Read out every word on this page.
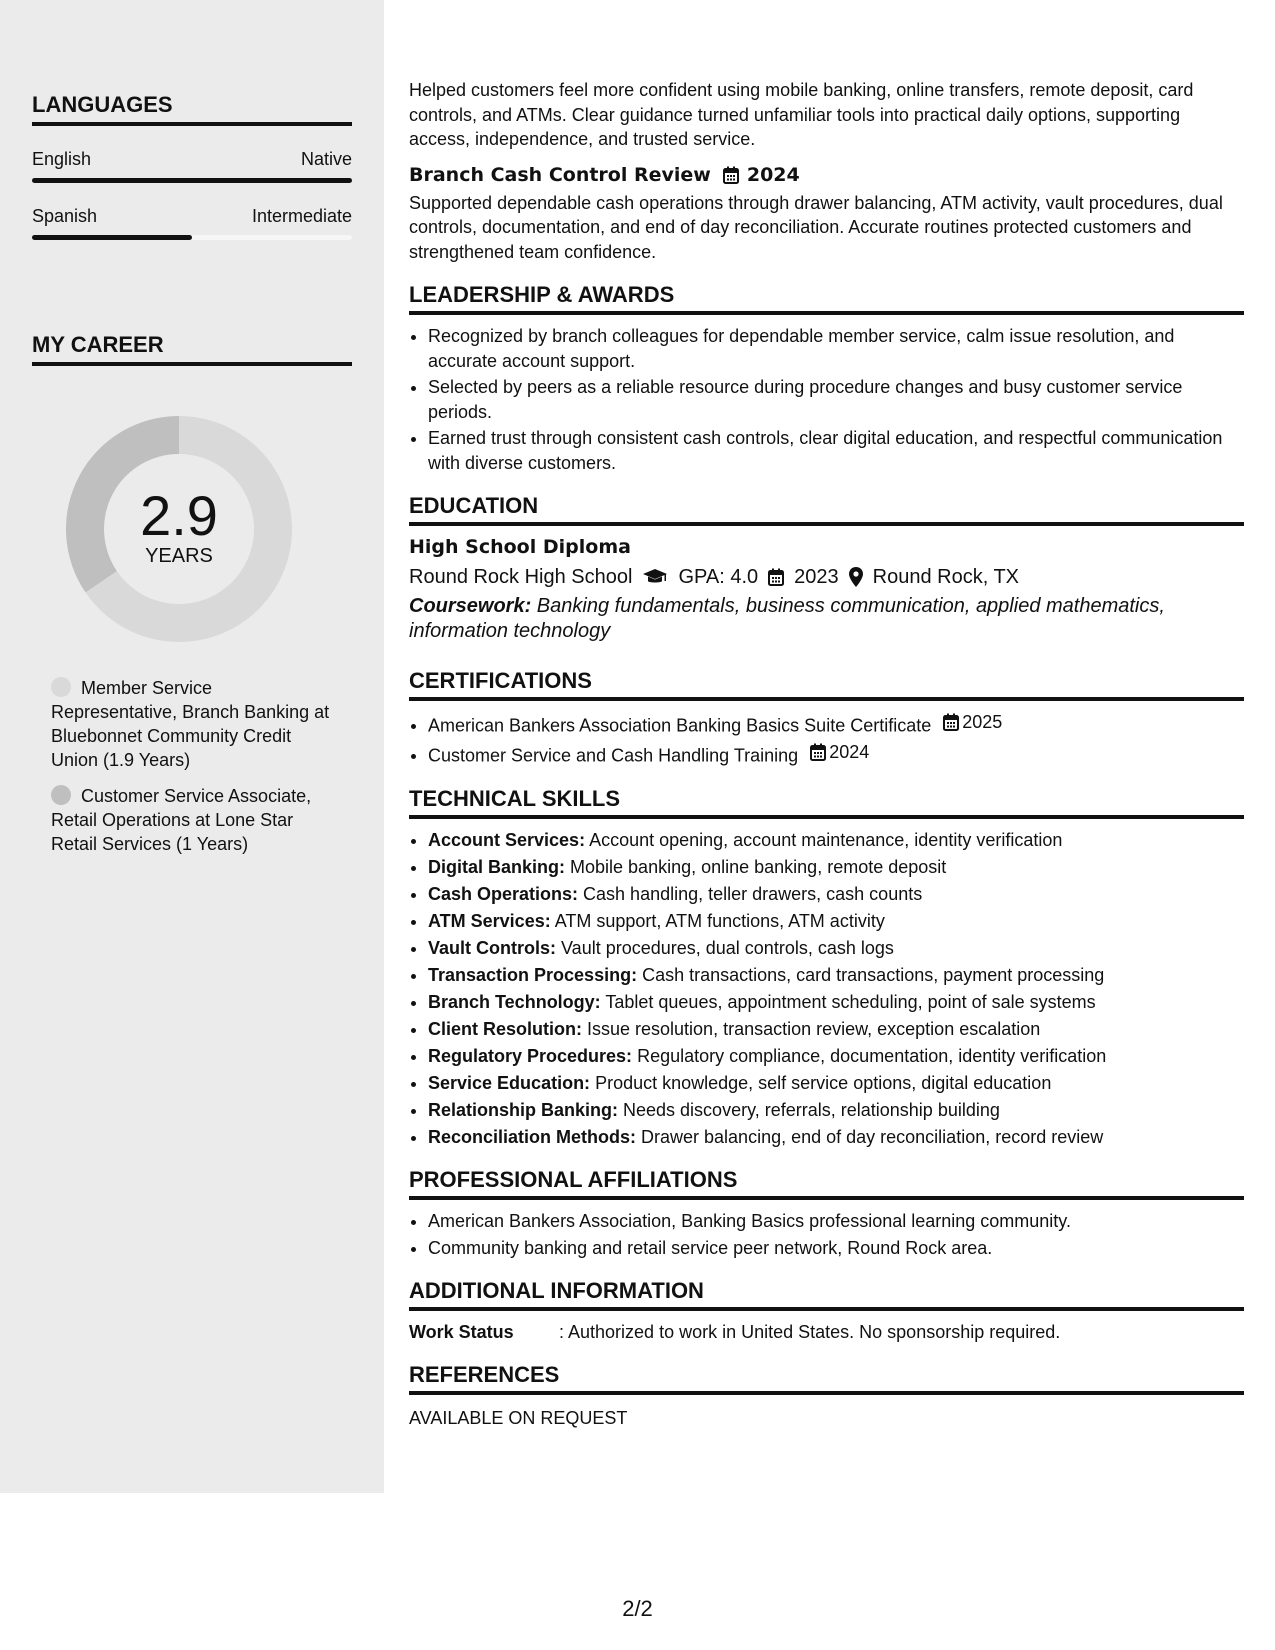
LANGUAGES
English	Native
Spanish	Intermediate
MY CAREER
2.9
YEARS
Member Service Representative, Branch Banking at Bluebonnet Community Credit Union (1.9 Years)
Customer Service Associate, Retail Operations at Lone Star Retail Services (1 Years)

Helped customers feel more confident using mobile banking, online transfers, remote deposit, card controls, and ATMs. Clear guidance turned unfamiliar tools into practical daily options, supporting access, independence, and trusted service.

Branch Cash Control Review 2024

Supported dependable cash operations through drawer balancing, ATM activity, vault procedures, dual controls, documentation, and end of day reconciliation. Accurate routines protected customers and strengthened team confidence.

LEADERSHIP & AWARDS
• Recognized by branch colleagues for dependable member service, calm issue resolution, and accurate account support.
• Selected by peers as a reliable resource during procedure changes and busy customer service periods.
• Earned trust through consistent cash controls, clear digital education, and respectful communication with diverse customers.
EDUCATION
High School Diploma
Round Rock High School GPA: 4.0 2023 Round Rock, TX
Coursework: Banking fundamentals, business communication, applied mathematics, information technology
CERTIFICATIONS
• American Bankers Association Banking Basics Suite Certificate 2025
• Customer Service and Cash Handling Training 2024
TECHNICAL SKILLS
• Account Services: Account opening, account maintenance, identity verification
• Digital Banking: Mobile banking, online banking, remote deposit
• Cash Operations: Cash handling, teller drawers, cash counts
• ATM Services: ATM support, ATM functions, ATM activity
• Vault Controls: Vault procedures, dual controls, cash logs
• Transaction Processing: Cash transactions, card transactions, payment processing
• Branch Technology: Tablet queues, appointment scheduling, point of sale systems
• Client Resolution: Issue resolution, transaction review, exception escalation
• Regulatory Procedures: Regulatory compliance, documentation, identity verification
• Service Education: Product knowledge, self service options, digital education
• Relationship Banking: Needs discovery, referrals, relationship building
• Reconciliation Methods: Drawer balancing, end of day reconciliation, record review
PROFESSIONAL AFFILIATIONS
• American Bankers Association, Banking Basics professional learning community.
• Community banking and retail service peer network, Round Rock area.
ADDITIONAL INFORMATION
Work Status	: Authorized to work in United States. No sponsorship required.
REFERENCES
AVAILABLE ON REQUEST
2/2
